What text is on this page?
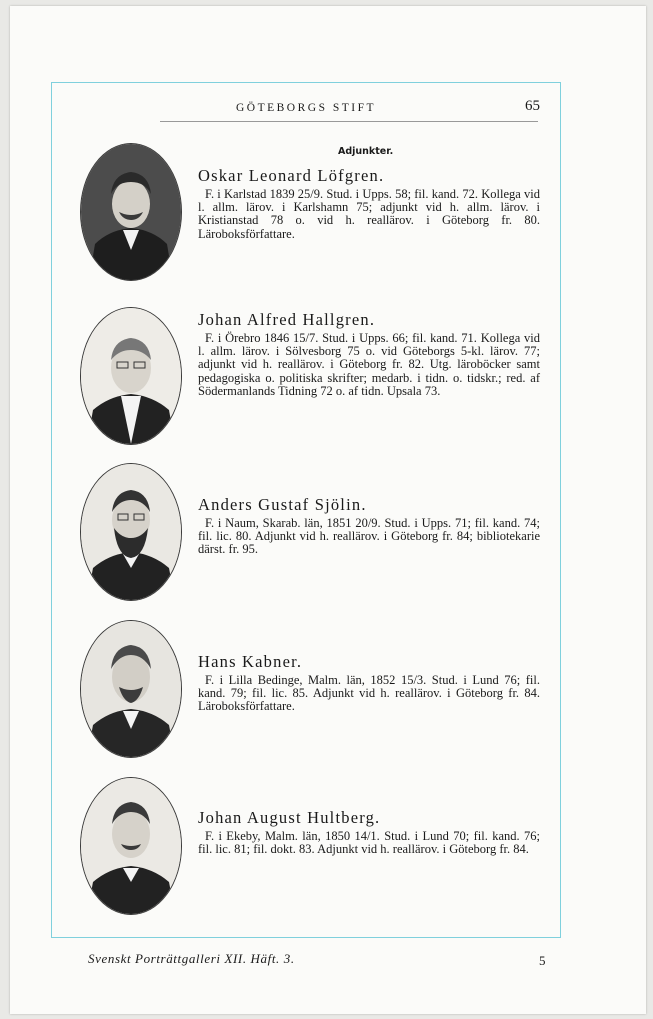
GÖTEBORGS STIFT	65
Adjunkter.
Oskar Leonard Löfgren.
F. i Karlstad 1839 25/9. Stud. i Upps. 58; fil. kand. 72. Kollega vid l. allm. lärov. i Karlshamn 75; adjunkt vid h. allm. lärov. i Kristianstad 78 o. vid h. reallärov. i Göteborg fr. 80. Läroboksförfattare.
Johan Alfred Hallgren.
F. i Örebro 1846 15/7. Stud. i Upps. 66; fil. kand. 71. Kollega vid l. allm. lärov. i Sölvesborg 75 o. vid Göteborgs 5-kl. lärov. 77; adjunkt vid h. reallärov. i Göteborg fr. 82. Utg. läroböcker samt pedagogiska o. politiska skrifter; medarb. i tidn. o. tidskr.; red. af Södermanlands Tidning 72 o. af tidn. Upsala 73.
Anders Gustaf Sjölin.
F. i Naum, Skarab. län, 1851 20/9. Stud. i Upps. 71; fil. kand. 74; fil. lic. 80. Adjunkt vid h. reallärov. i Göteborg fr. 84; bibliotekarie därst. fr. 95.
Hans Kabner.
F. i Lilla Bedinge, Malm. län, 1852 15/3. Stud. i Lund 76; fil. kand. 79; fil. lic. 85. Adjunkt vid h. reallärov. i Göteborg fr. 84. Läroboksförfattare.
Johan August Hultberg.
F. i Ekeby, Malm. län, 1850 14/1. Stud. i Lund 70; fil. kand. 76; fil. lic. 81; fil. dokt. 83. Adjunkt vid h. reallärov. i Göteborg fr. 84.
Svenskt Porträttgalleri XII. Häft. 3.	5
